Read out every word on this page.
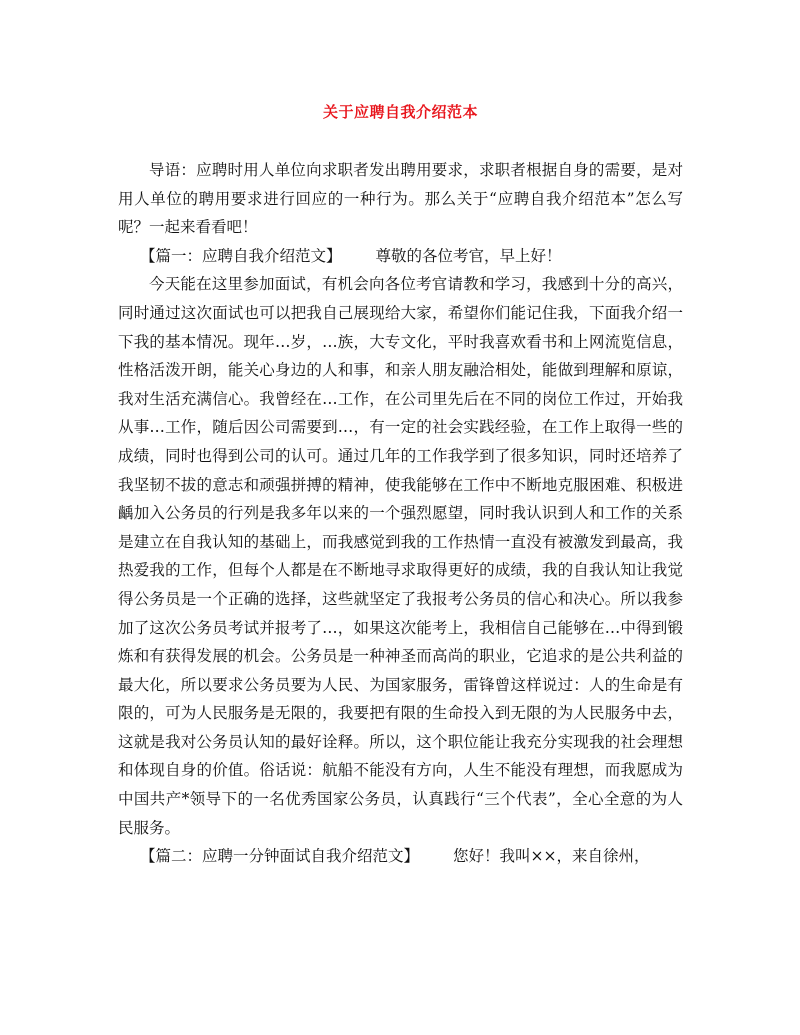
关于应聘自我介绍范本

导语：应聘时用人单位向求职者发出聘用要求，求职者根据自身的需要，是对用人单位的聘用要求进行回应的一种行为。那么关于“应聘自我介绍范本”怎么写呢？一起来看看吧！

【篇一：应聘自我介绍范文】 尊敬的各位考官，早上好！

今天能在这里参加面试，有机会向各位考官请教和学习，我感到十分的高兴，同时通过这次面试也可以把我自己展现给大家，希望你们能记住我，下面我介绍一下我的基本情况。现年…岁，…族，大专文化，平时我喜欢看书和上网流览信息，性格活泼开朗，能关心身边的人和事，和亲人朋友融洽相处，能做到理解和原谅，我对生活充满信心。我曾经在…工作，在公司里先后在不同的岗位工作过，开始我从事…工作，随后因公司需要到…，有一定的社会实践经验，在工作上取得一些的成绩，同时也得到公司的认可。通过几年的工作我学到了很多知识，同时还培养了我坚韧不拔的意志和顽强拼搏的精神，使我能够在工作中不断地克服困难、积极进齲加入公务员的行列是我多年以来的一个强烈愿望，同时我认识到人和工作的关系是建立在自我认知的基础上，而我感觉到我的工作热情一直没有被激发到最高，我热爱我的工作，但每个人都是在不断地寻求取得更好的成绩，我的自我认知让我觉得公务员是一个正确的选择，这些就坚定了我报考公务员的信心和决心。所以我参加了这次公务员考试并报考了…，如果这次能考上，我相信自己能够在…中得到锻炼和有获得发展的机会。公务员是一种神圣而高尚的职业，它追求的是公共利益的最大化，所以要求公务员要为人民、为国家服务，雷锋曾这样说过：人的生命是有限的，可为人民服务是无限的，我要把有限的生命投入到无限的为人民服务中去，这就是我对公务员认知的最好诠释。所以，这个职位能让我充分实现我的社会理想和体现自身的价值。俗话说：航船不能没有方向，人生不能没有理想，而我愿成为中国共产*领导下的一名优秀国家公务员，认真践行“三个代表”，全心全意的为人民服务。

【篇二：应聘一分钟面试自我介绍范文】 您好！我叫××，来自徐州，
